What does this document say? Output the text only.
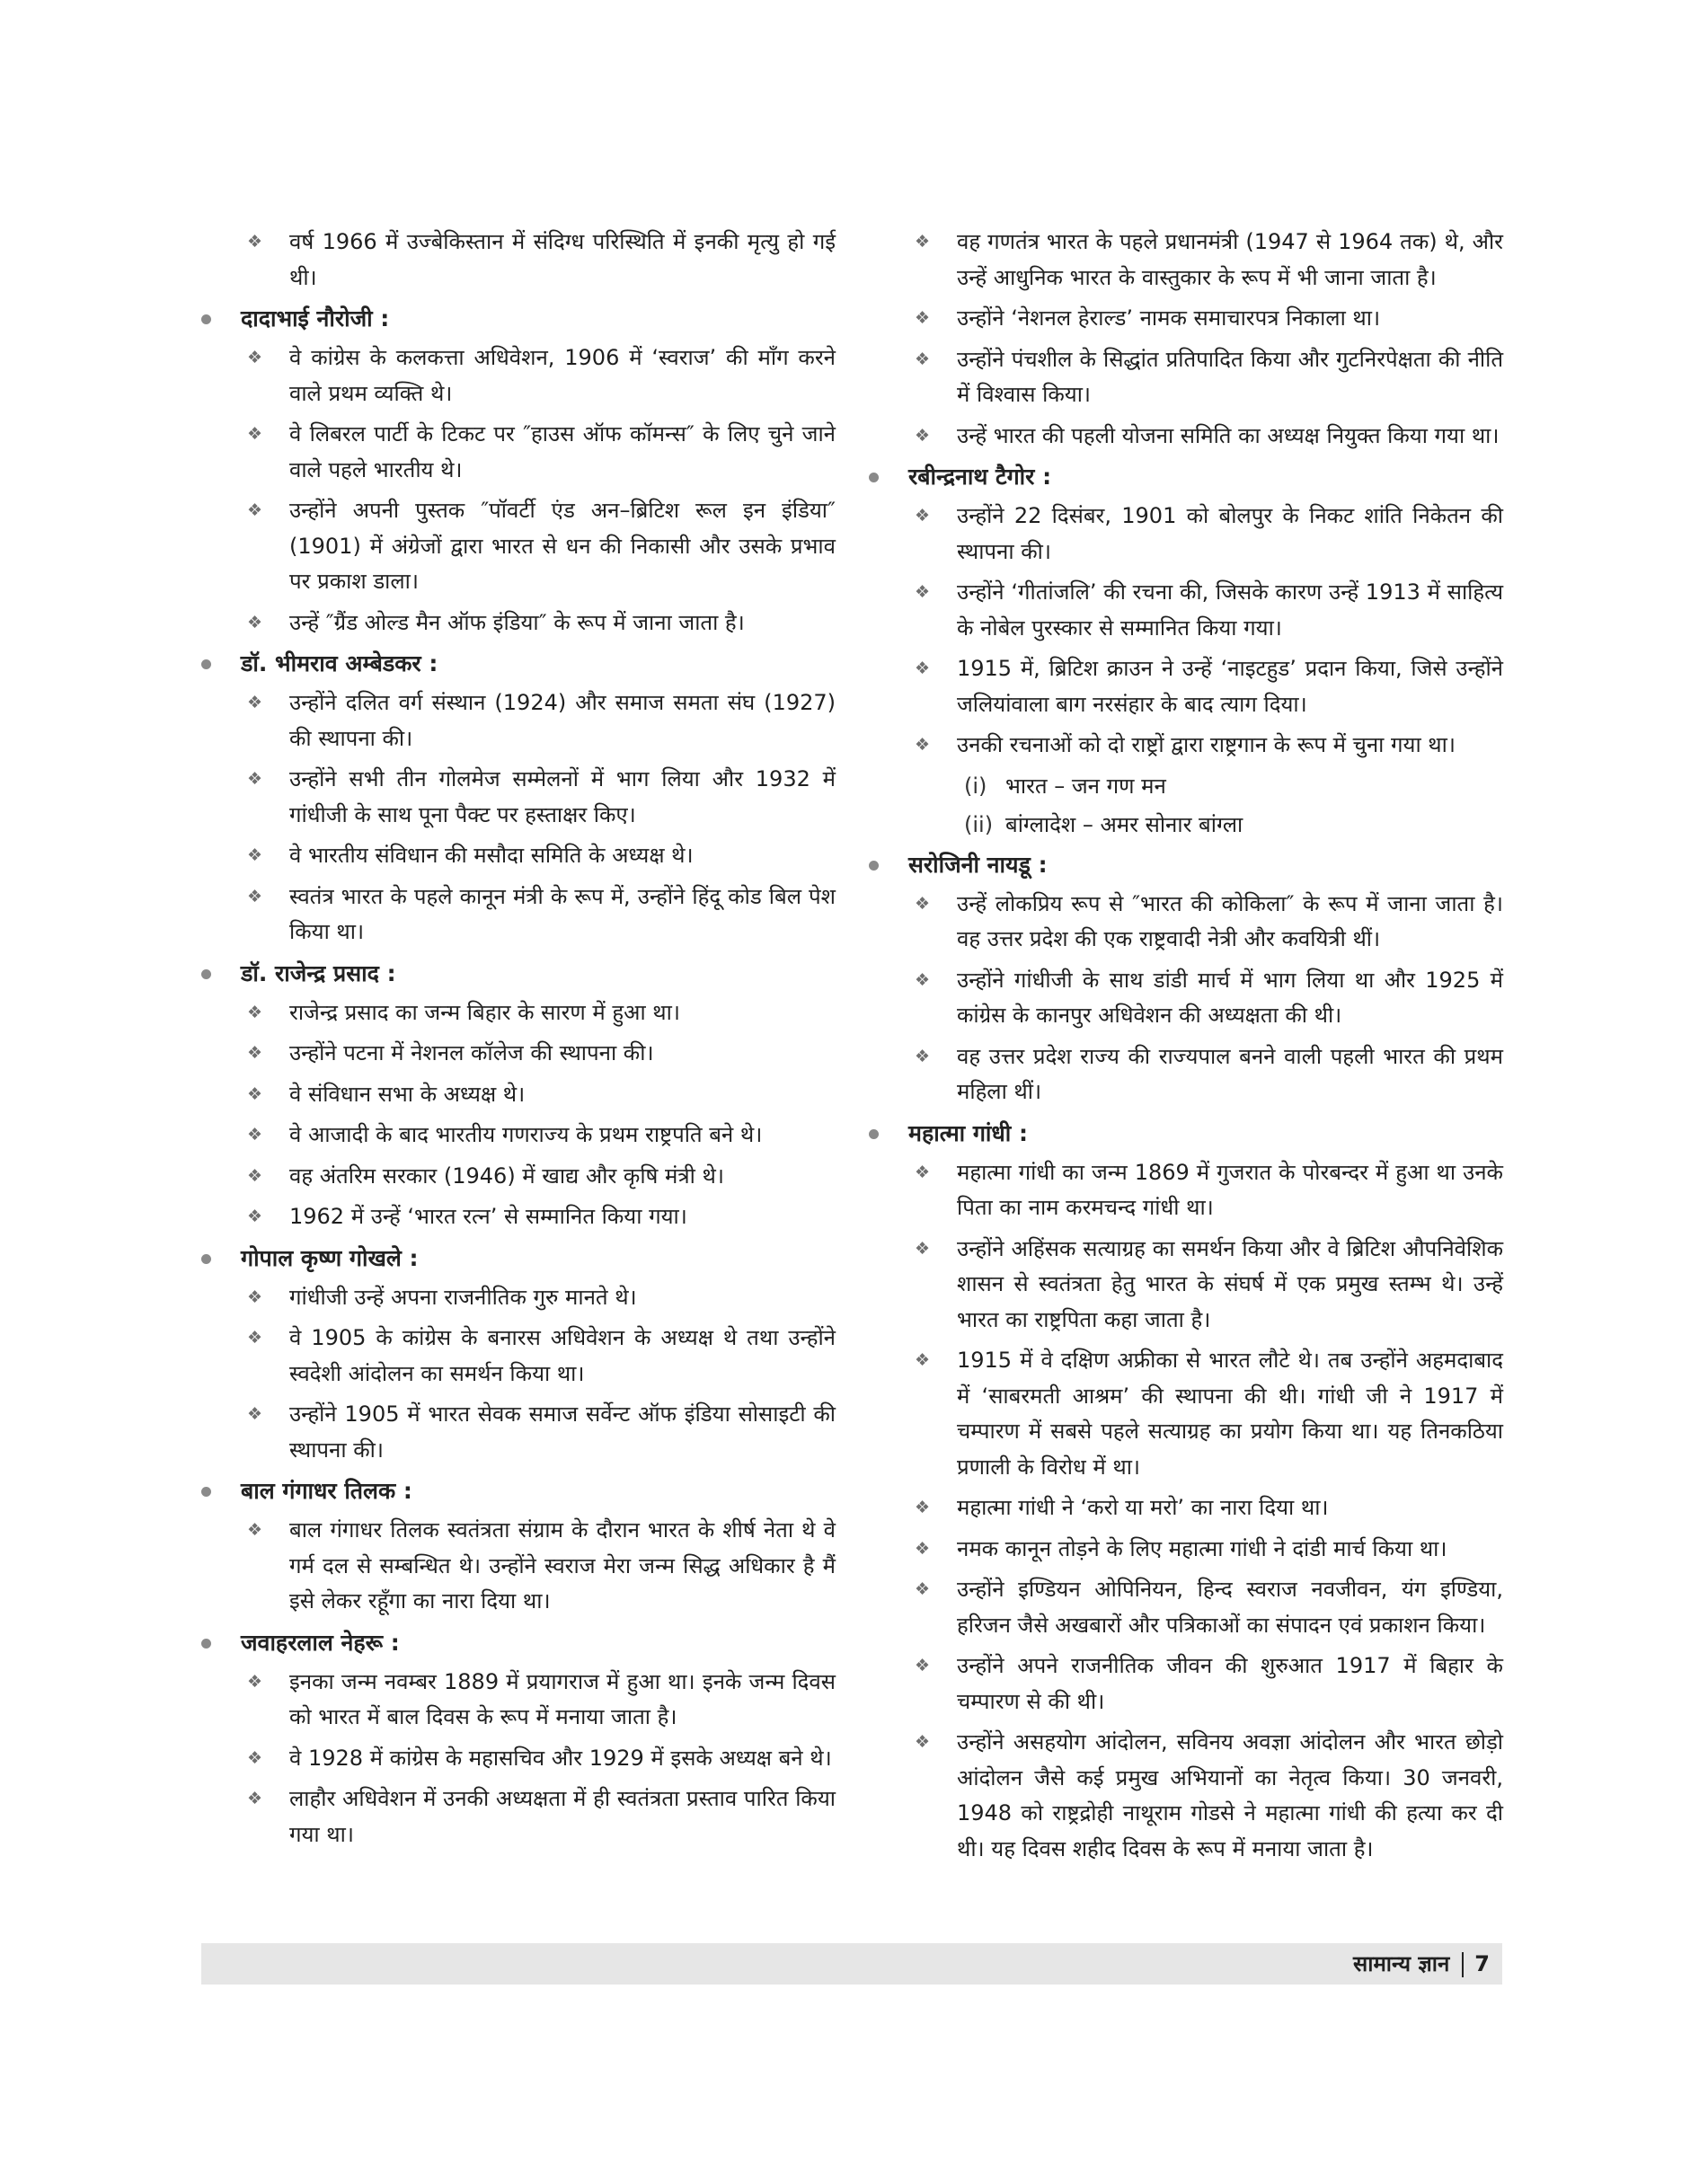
❖ वर्ष 1966 में उज्बेकिस्तान में संदिग्ध परिस्थिति में इनकी मृत्यु हो गई थी।
दादाभाई नौरोजी :
❖ वे कांग्रेस के कलकत्ता अधिवेशन, 1906 में ‘स्वराज’ की माँग करने वाले प्रथम व्यक्ति थे।
❖ वे लिबरल पार्टी के टिकट पर ″हाउस ऑफ कॉमन्स″ के लिए चुने जाने वाले पहले भारतीय थे।
❖ उन्होंने अपनी पुस्तक ″पॉवर्टी एंड अन–ब्रिटिश रूल इन इंडिया″ (1901) में अंग्रेजों द्वारा भारत से धन की निकासी और उसके प्रभाव पर प्रकाश डाला।
❖ उन्हें ″ग्रैंड ओल्ड मैन ऑफ इंडिया″ के रूप में जाना जाता है।
डॉ. भीमराव अम्बेडकर :
❖ उन्होंने दलित वर्ग संस्थान (1924) और समाज समता संघ (1927) की स्थापना की।
❖ उन्होंने सभी तीन गोलमेज सम्मेलनों में भाग लिया और 1932 में गांधीजी के साथ पूना पैक्ट पर हस्ताक्षर किए।
❖ वे भारतीय संविधान की मसौदा समिति के अध्यक्ष थे।
❖ स्वतंत्र भारत के पहले कानून मंत्री के रूप में, उन्होंने हिंदू कोड बिल पेश किया था।
डॉ. राजेन्द्र प्रसाद :
❖ राजेन्द्र प्रसाद का जन्म बिहार के सारण में हुआ था।
❖ उन्होंने पटना में नेशनल कॉलेज की स्थापना की।
❖ वे संविधान सभा के अध्यक्ष थे।
❖ वे आजादी के बाद भारतीय गणराज्य के प्रथम राष्ट्रपति बने थे।
❖ वह अंतरिम सरकार (1946) में खाद्य और कृषि मंत्री थे।
❖ 1962 में उन्हें ‘भारत रत्न’ से सम्मानित किया गया।
गोपाल कृष्ण गोखले :
❖ गांधीजी उन्हें अपना राजनीतिक गुरु मानते थे।
❖ वे 1905 के कांग्रेस के बनारस अधिवेशन के अध्यक्ष थे तथा उन्होंने स्वदेशी आंदोलन का समर्थन किया था।
❖ उन्होंने 1905 में भारत सेवक समाज सर्वेन्ट ऑफ इंडिया सोसाइटी की स्थापना की।
बाल गंगाधर तिलक :
❖ बाल गंगाधर तिलक स्वतंत्रता संग्राम के दौरान भारत के शीर्ष नेता थे वे गर्म दल से सम्बन्धित थे। उन्होंने स्वराज मेरा जन्म सिद्ध अधिकार है मैं इसे लेकर रहूँगा का नारा दिया था।
जवाहरलाल नेहरू :
❖ इनका जन्म नवम्बर 1889 में प्रयागराज में हुआ था। इनके जन्म दिवस को भारत में बाल दिवस के रूप में मनाया जाता है।
❖ वे 1928 में कांग्रेस के महासचिव और 1929 में इसके अध्यक्ष बने थे।
❖ लाहौर अधिवेशन में उनकी अध्यक्षता में ही स्वतंत्रता प्रस्ताव पारित किया गया था।
❖ वह गणतंत्र भारत के पहले प्रधानमंत्री (1947 से 1964 तक) थे, और उन्हें आधुनिक भारत के वास्तुकार के रूप में भी जाना जाता है।
❖ उन्होंने ‘नेशनल हेराल्ड’ नामक समाचारपत्र निकाला था।
❖ उन्होंने पंचशील के सिद्धांत प्रतिपादित किया और गुटनिरपेक्षता की नीति में विश्वास किया।
❖ उन्हें भारत की पहली योजना समिति का अध्यक्ष नियुक्त किया गया था।
रबीन्द्रनाथ टैगोर :
❖ उन्होंने 22 दिसंबर, 1901 को बोलपुर के निकट शांति निकेतन की स्थापना की।
❖ उन्होंने ‘गीतांजलि’ की रचना की, जिसके कारण उन्हें 1913 में साहित्य के नोबेल पुरस्कार से सम्मानित किया गया।
❖ 1915 में, ब्रिटिश क्राउन ने उन्हें ‘नाइटहुड’ प्रदान किया, जिसे उन्होंने जलियांवाला बाग नरसंहार के बाद त्याग दिया।
❖ उनकी रचनाओं को दो राष्ट्रों द्वारा राष्ट्रगान के रूप में चुना गया था।
(i) भारत – जन गण मन
(ii) बांग्लादेश – अमर सोनार बांग्ला
सरोजिनी नायडू :
❖ उन्हें लोकप्रिय रूप से ″भारत की कोकिला″ के रूप में जाना जाता है। वह उत्तर प्रदेश की एक राष्ट्रवादी नेत्री और कवयित्री थीं।
❖ उन्होंने गांधीजी के साथ डांडी मार्च में भाग लिया था और 1925 में कांग्रेस के कानपुर अधिवेशन की अध्यक्षता की थी।
❖ वह उत्तर प्रदेश राज्य की राज्यपाल बनने वाली पहली भारत की प्रथम महिला थीं।
महात्मा गांधी :
❖ महात्मा गांधी का जन्म 1869 में गुजरात के पोरबन्दर में हुआ था उनके पिता का नाम करमचन्द गांधी था।
❖ उन्होंने अहिंसक सत्याग्रह का समर्थन किया और वे ब्रिटिश औपनिवेशिक शासन से स्वतंत्रता हेतु भारत के संघर्ष में एक प्रमुख स्तम्भ थे। उन्हें भारत का राष्ट्रपिता कहा जाता है।
❖ 1915 में वे दक्षिण अफ्रीका से भारत लौटे थे। तब उन्होंने अहमदाबाद में ‘साबरमती आश्रम’ की स्थापना की थी। गांधी जी ने 1917 में चम्पारण में सबसे पहले सत्याग्रह का प्रयोग किया था। यह तिनकठिया प्रणाली के विरोध में था।
❖ महात्मा गांधी ने ‘करो या मरो’ का नारा दिया था।
❖ नमक कानून तोड़ने के लिए महात्मा गांधी ने दांडी मार्च किया था।
❖ उन्होंने इण्डियन ओपिनियन, हिन्द स्वराज नवजीवन, यंग इण्डिया, हरिजन जैसे अखबारों और पत्रिकाओं का संपादन एवं प्रकाशन किया।
❖ उन्होंने अपने राजनीतिक जीवन की शुरुआत 1917 में बिहार के चम्पारण से की थी।
❖ उन्होंने असहयोग आंदोलन, सविनय अवज्ञा आंदोलन और भारत छोड़ो आंदोलन जैसे कई प्रमुख अभियानों का नेतृत्व किया। 30 जनवरी, 1948 को राष्ट्रद्रोही नाथूराम गोडसे ने महात्मा गांधी की हत्या कर दी थी। यह दिवस शहीद दिवस के रूप में मनाया जाता है।
सामान्य ज्ञान 7
